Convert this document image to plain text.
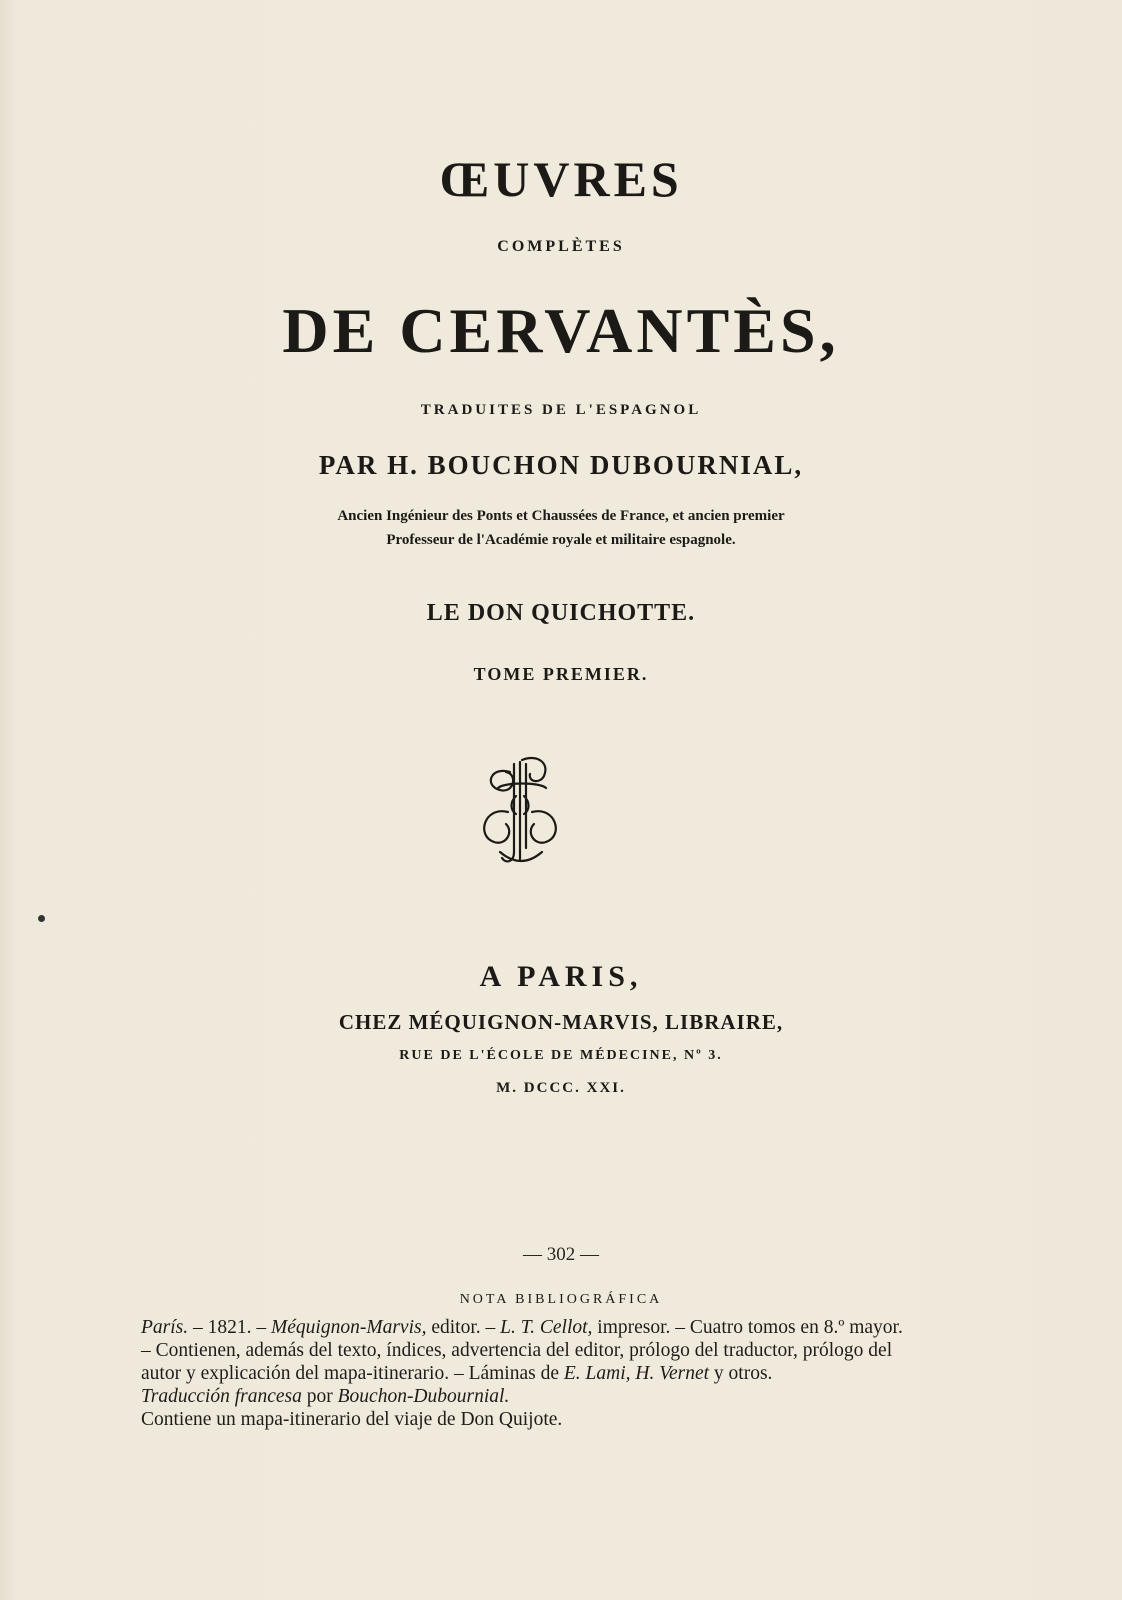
ŒUVRES
COMPLÈTES
DE CERVANTÈS,
TRADUITES DE L'ESPAGNOL
PAR H. BOUCHON DUBOURNIAL,
Ancien Ingénieur des Ponts et Chaussées de France, et ancien premier
Professeur de l'Académie royale et militaire espagnole.
LE DON QUICHOTTE.
TOME PREMIER.
A PARIS,
CHEZ MÉQUIGNON-MARVIS, LIBRAIRE,
RUE DE L'ÉCOLE DE MÉDECINE, Nº 3.
M. DCCC. XXI.
— 302 —
NOTA BIBLIOGRÁFICA

París. – 1821. – Méquignon-Marvis, editor. – L. T. Cellot, impresor. – Cuatro tomos en 8.º mayor. – Contienen, además del texto, índices, advertencia del editor, prólogo del traductor, prólogo del autor y explicación del mapa-itinerario. – Láminas de E. Lami, H. Vernet y otros.

Traducción francesa por Bouchon-Dubournial.

Contiene un mapa-itinerario del viaje de Don Quijote.
